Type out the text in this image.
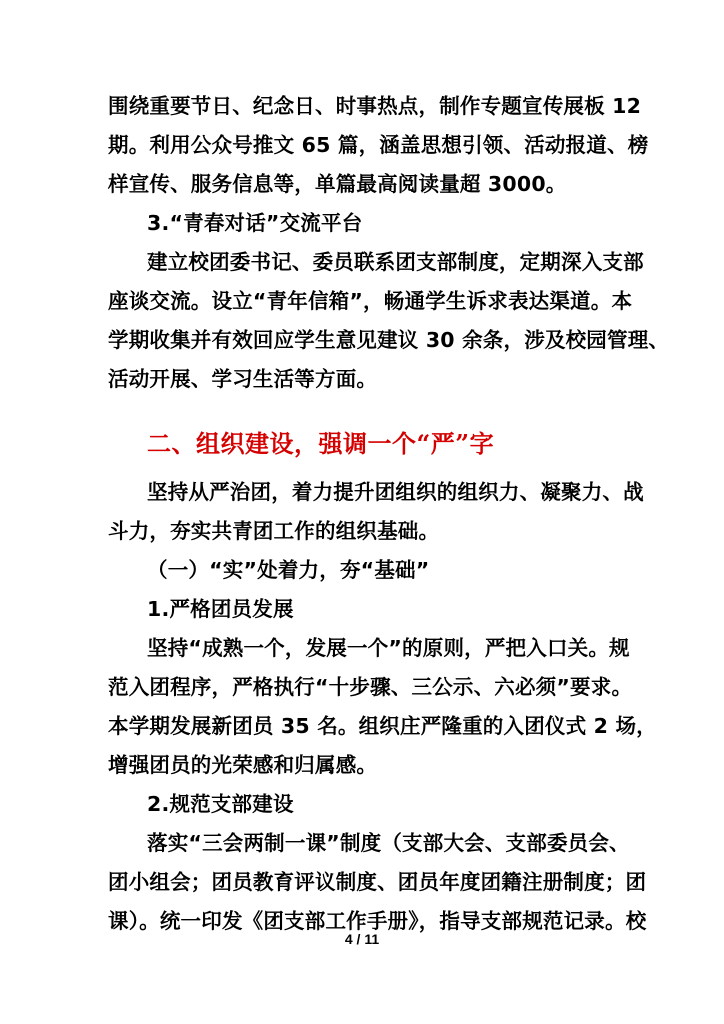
围绕重要节日、纪念日、时事热点，制作专题宣传展板 12
期。利用公众号推文 65 篇，涵盖思想引领、活动报道、榜
样宣传、服务信息等，单篇最高阅读量超 3000。
3.“青春对话”交流平台
建立校团委书记、委员联系团支部制度，定期深入支部
座谈交流。设立“青年信箱”，畅通学生诉求表达渠道。本
学期收集并有效回应学生意见建议 30 余条，涉及校园管理、
活动开展、学习生活等方面。
二、组织建设，强调一个“严”字
坚持从严治团，着力提升团组织的组织力、凝聚力、战
斗力，夯实共青团工作的组织基础。
（一）“实”处着力，夯“基础”
1.严格团员发展
坚持“成熟一个，发展一个”的原则，严把入口关。规
范入团程序，严格执行“十步骤、三公示、六必须”要求。
本学期发展新团员 35 名。组织庄严隆重的入团仪式 2 场，
增强团员的光荣感和归属感。
2.规范支部建设
落实“三会两制一课”制度（支部大会、支部委员会、
团小组会；团员教育评议制度、团员年度团籍注册制度；团
课）。统一印发《团支部工作手册》，指导支部规范记录。校
4 / 11
